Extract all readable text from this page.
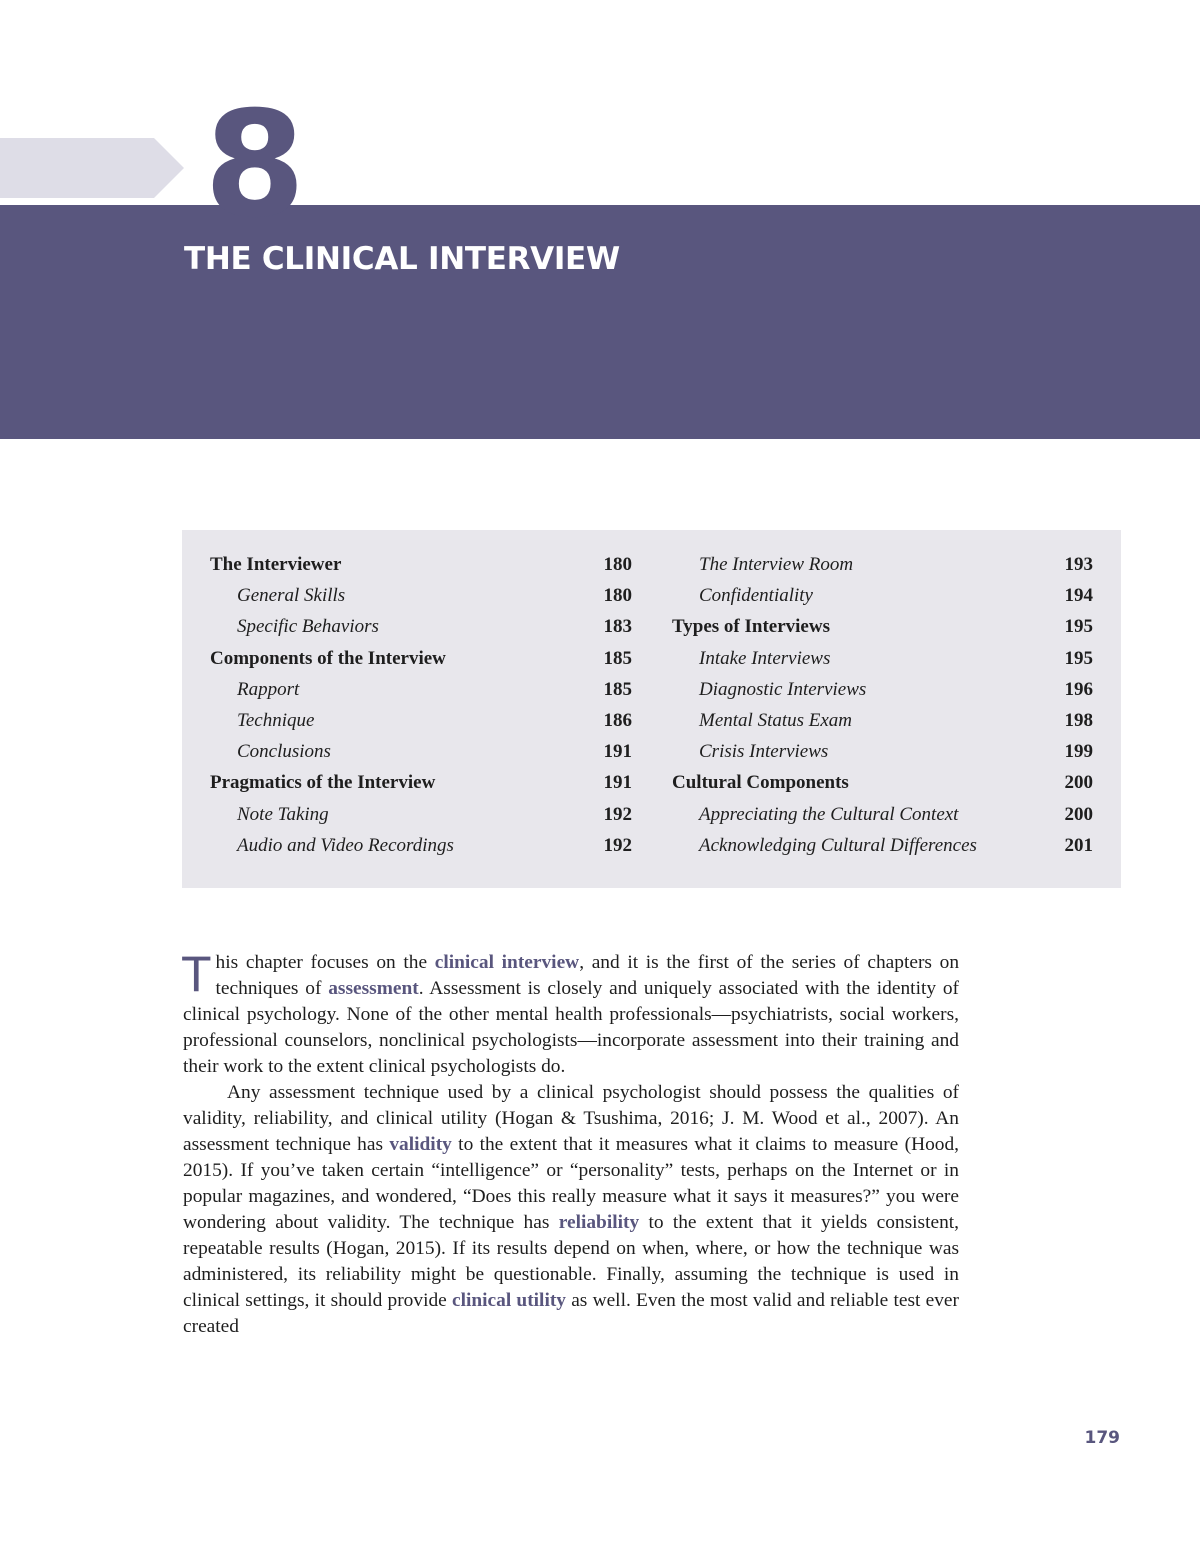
8
THE CLINICAL INTERVIEW
The Interviewer	180
General Skills	180
Specific Behaviors	183
Components of the Interview	185
Rapport	185
Technique	186
Conclusions	191
Pragmatics of the Interview	191
Note Taking	192
Audio and Video Recordings	192
The Interview Room	193
Confidentiality	194
Types of Interviews	195
Intake Interviews	195
Diagnostic Interviews	196
Mental Status Exam	198
Crisis Interviews	199
Cultural Components	200
Appreciating the Cultural Context	200
Acknowledging Cultural Differences	201

This chapter focuses on the clinical interview, and it is the first of the series of chapters on techniques of assessment. Assessment is closely and uniquely associated with the identity of clinical psychology. None of the other mental health professionals—psychiatrists, social workers, professional counselors, nonclinical psychologists—incorporate assessment into their training and their work to the extent clinical psychologists do.

Any assessment technique used by a clinical psychologist should possess the qualities of validity, reliability, and clinical utility (Hogan & Tsushima, 2016; J. M. Wood et al., 2007). An assessment technique has validity to the extent that it measures what it claims to measure (Hood, 2015). If you’ve taken certain “intelligence” or “personality” tests, perhaps on the Internet or in popular magazines, and wondered, “Does this really measure what it says it measures?” you were wondering about validity. The technique has reliability to the extent that it yields consistent, repeatable results (Hogan, 2015). If its results depend on when, where, or how the technique was administered, its reliability might be questionable. Finally, assuming the technique is used in clinical settings, it should provide clinical utility as well. Even the most valid and reliable test ever created

179
